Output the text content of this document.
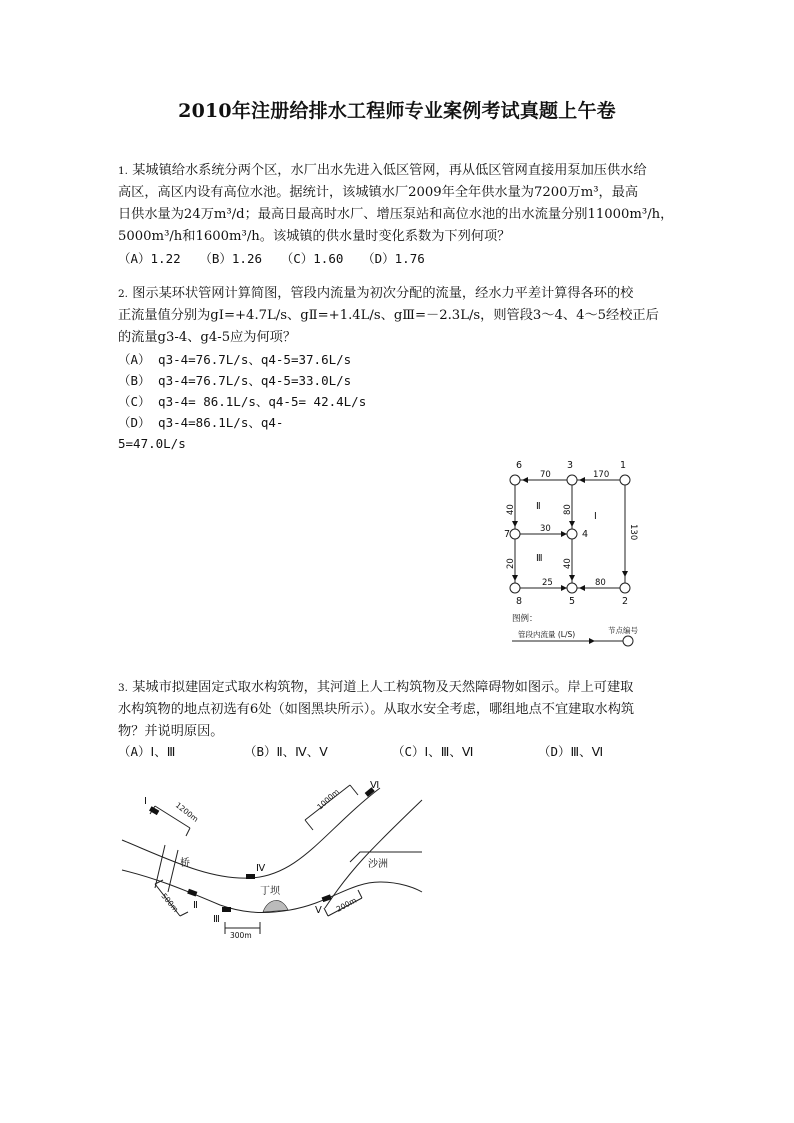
2010年注册给排水工程师专业案例考试真题上午卷
1. 某城镇给水系统分两个区，水厂出水先进入低区管网，再从低区管网直接用泵加压供水给
高区，高区内设有高位水池。据统计，该城镇水厂2009年全年供水量为7200万m³，最高
日供水量为24万m³/d；最高日最高时水厂、增压泵站和高位水池的出水流量分别11000m³/h，
5000m³/h和1600m³/h。该城镇的供水量时变化系数为下列何项？
（A）1.22　　（B）1.26　　（C）1.60　　（D）1.76
2. 图示某环状管网计算简图，管段内流量为初次分配的流量，经水力平差计算得各环的校
正流量值分别为gⅠ=+4.7L/s、gⅡ=+1.4L/s、gⅢ=－2.3L/s，则管段3～4、4～5经校正后
的流量g3-4、g4-5应为何项？
（A） q3-4=76.7L/s、q4-5=37.6L/s
（B） q3-4=76.7L/s、q4-5=33.0L/s
（C） q3-4= 86.1L/s、q4-5= 42.4L/s
（D） q3-4=86.1L/s、q4-
5=47.0L/s
6	3	1
7	4
8	5	2
Ⅱ
Ⅰ
Ⅲ
70	170
40	80
30	130
20	40
25	80
图例：
管段内流量 (L/S)	节点编号
3. 某城市拟建固定式取水构筑物，其河道上人工构筑物及天然障碍物如图示。岸上可建取
水构筑物的地点初选有6处（如图黑块所示）。从取水安全考虑，哪组地点不宜建取水构筑
物？并说明原因。
（A）Ⅰ、Ⅲ	（B）Ⅱ、Ⅳ、Ⅴ	（C）Ⅰ、Ⅲ、Ⅵ	（D）Ⅲ、Ⅵ
Ⅰ
Ⅱ
Ⅲ
Ⅳ
Ⅴ
Ⅵ
1200m
1000m
500m
300m
200m
桥
丁坝
沙洲
